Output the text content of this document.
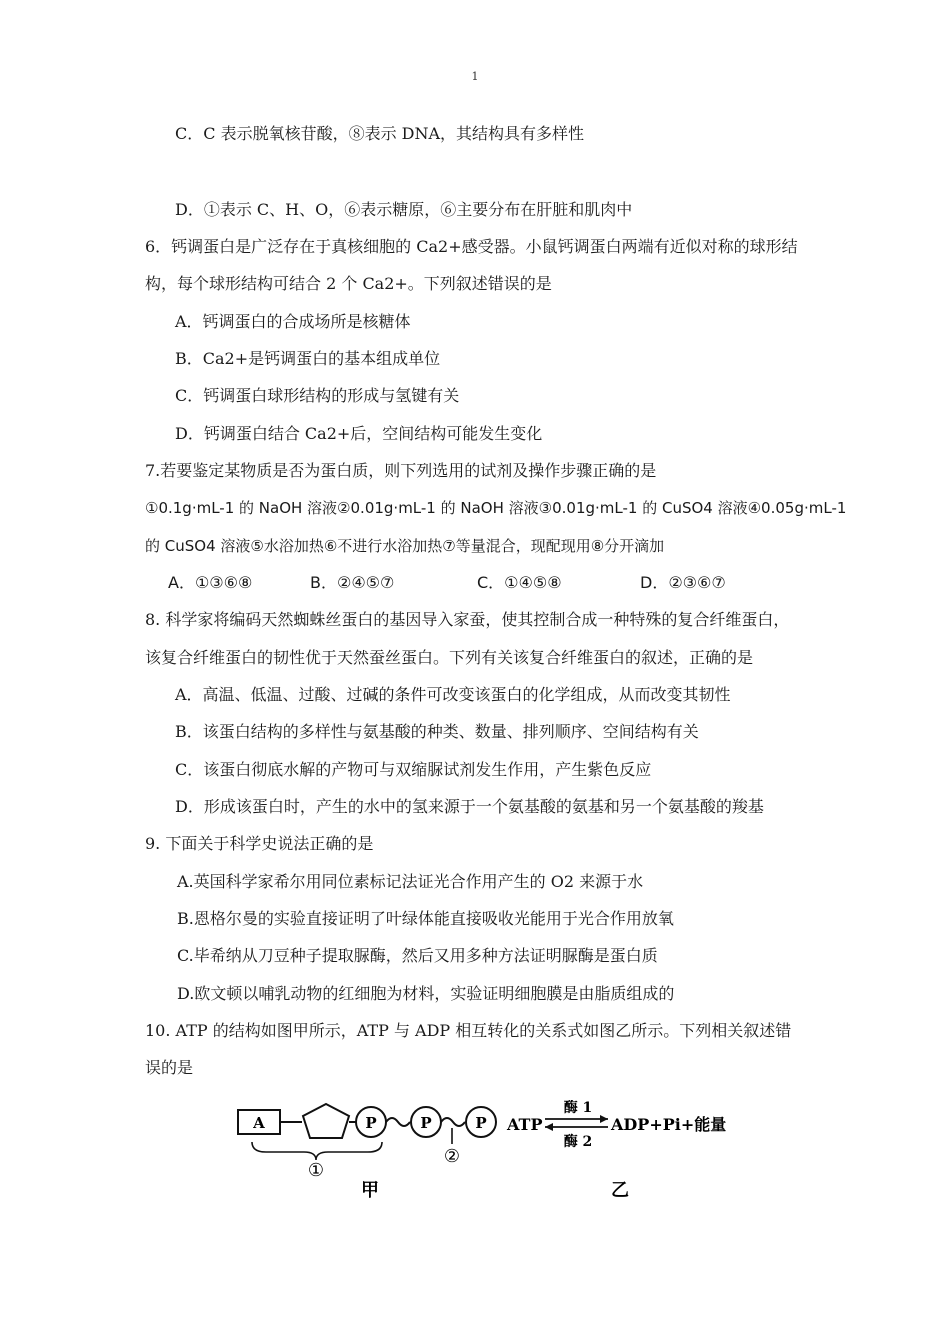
1
C．C 表示脱氧核苷酸，⑧表示 DNA，其结构具有多样性
D．①表示 C、H、O，⑥表示糖原，⑥主要分布在肝脏和肌肉中
6．钙调蛋白是广泛存在于真核细胞的 Ca2+感受器。小鼠钙调蛋白两端有近似对称的球形结
构，每个球形结构可结合 2 个 Ca2+。下列叙述错误的是
A．钙调蛋白的合成场所是核糖体
B．Ca2+是钙调蛋白的基本组成单位
C．钙调蛋白球形结构的形成与氢键有关
D．钙调蛋白结合 Ca2+后，空间结构可能发生变化
7.若要鉴定某物质是否为蛋白质，则下列选用的试剂及操作步骤正确的是
①0.1g·mL-1 的 NaOH 溶液②0.01g·mL-1 的 NaOH 溶液③0.01g·mL-1 的 CuSO4 溶液④0.05g·mL-1
的 CuSO4 溶液⑤水浴加热⑥不进行水浴加热⑦等量混合，现配现用⑧分开滴加
A．①③⑥⑧	B．②④⑤⑦	C．①④⑤⑧	D．②③⑥⑦
8. 科学家将编码天然蜘蛛丝蛋白的基因导入家蚕，使其控制合成一种特殊的复合纤维蛋白，
该复合纤维蛋白的韧性优于天然蚕丝蛋白。下列有关该复合纤维蛋白的叙述，正确的是
A．高温、低温、过酸、过碱的条件可改变该蛋白的化学组成，从而改变其韧性
B．该蛋白结构的多样性与氨基酸的种类、数量、排列顺序、空间结构有关
C．该蛋白彻底水解的产物可与双缩脲试剂发生作用，产生紫色反应
D．形成该蛋白时，产生的水中的氢来源于一个氨基酸的氨基和另一个氨基酸的羧基
9. 下面关于科学史说法正确的是
A.英国科学家希尔用同位素标记法证光合作用产生的 O2 来源于水
B.恩格尔曼的实验直接证明了叶绿体能直接吸收光能用于光合作用放氧
C.毕希纳从刀豆种子提取脲酶，然后又用多种方法证明脲酶是蛋白质
D.欧文顿以哺乳动物的红细胞为材料，实验证明细胞膜是由脂质组成的
10. ATP 的结构如图甲所示，ATP 与 ADP 相互转化的关系式如图乙所示。下列相关叙述错
误的是
A	P	P	P
①
②
甲
ATP
酶 1
酶 2
ADP+Pi+能量
乙
